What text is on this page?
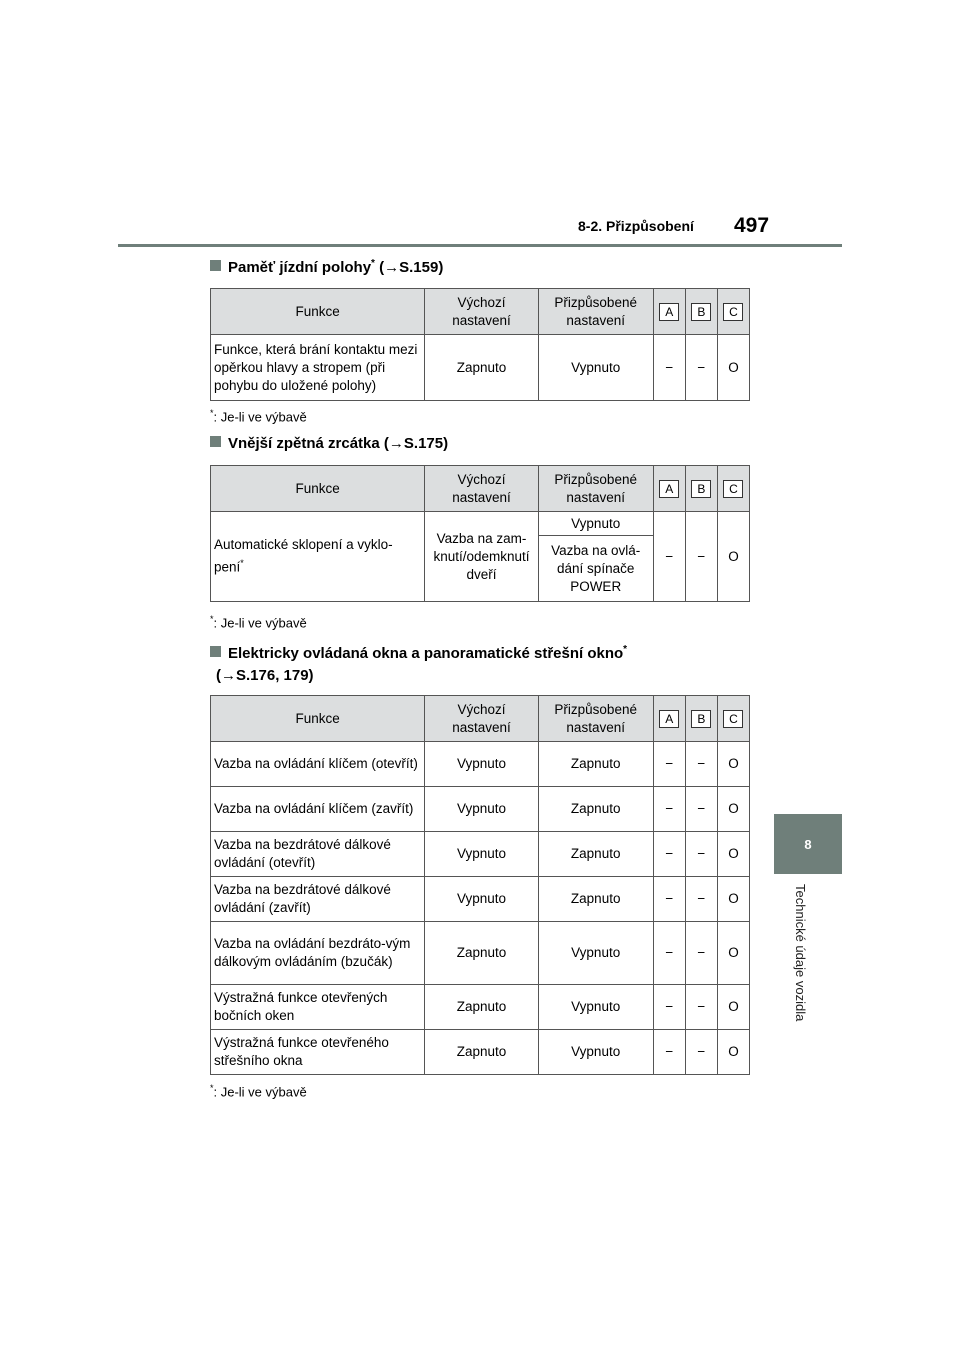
8-2. Přizpůsobení 497
8
Technické údaje vozidla
Paměť jízdní polohy* (→S.159)
Funkce	Výchozí nastavení	Přizpůsobené nastavení	A	B	C
Funkce, která brání kontaktu mezi opěrkou hlavy a stropem (při pohybu do uložené polohy)	Zapnuto	Vypnuto	−	−	O
*: Je-li ve výbavě
Vnější zpětná zrcátka (→S.175)
Funkce	Výchozí nastavení	Přizpůsobené nastavení	A	B	C
Automatické sklopení a vyklo-pení*	Vazba na zam-knutí/odemknutí dveří	Vypnuto	−	−	O
		Vazba na ovlá-dání spínače POWER			
*: Je-li ve výbavě
Elektricky ovládaná okna a panoramatické střešní okno*
(→S.176, 179)
Funkce	Výchozí nastavení	Přizpůsobené nastavení	A	B	C
Vazba na ovládání klíčem (otevřít)	Vypnuto	Zapnuto	−	−	O
Vazba na ovládání klíčem (zavřít)	Vypnuto	Zapnuto	−	−	O
Vazba na bezdrátové dálkové ovládání (otevřít)	Vypnuto	Zapnuto	−	−	O
Vazba na bezdrátové dálkové ovládání (zavřít)	Vypnuto	Zapnuto	−	−	O
Vazba na ovládání bezdráto-vým dálkovým ovládáním (bzučák)	Zapnuto	Vypnuto	−	−	O
Výstražná funkce otevřených bočních oken	Zapnuto	Vypnuto	−	−	O
Výstražná funkce otevřeného střešního okna	Zapnuto	Vypnuto	−	−	O
*: Je-li ve výbavě
